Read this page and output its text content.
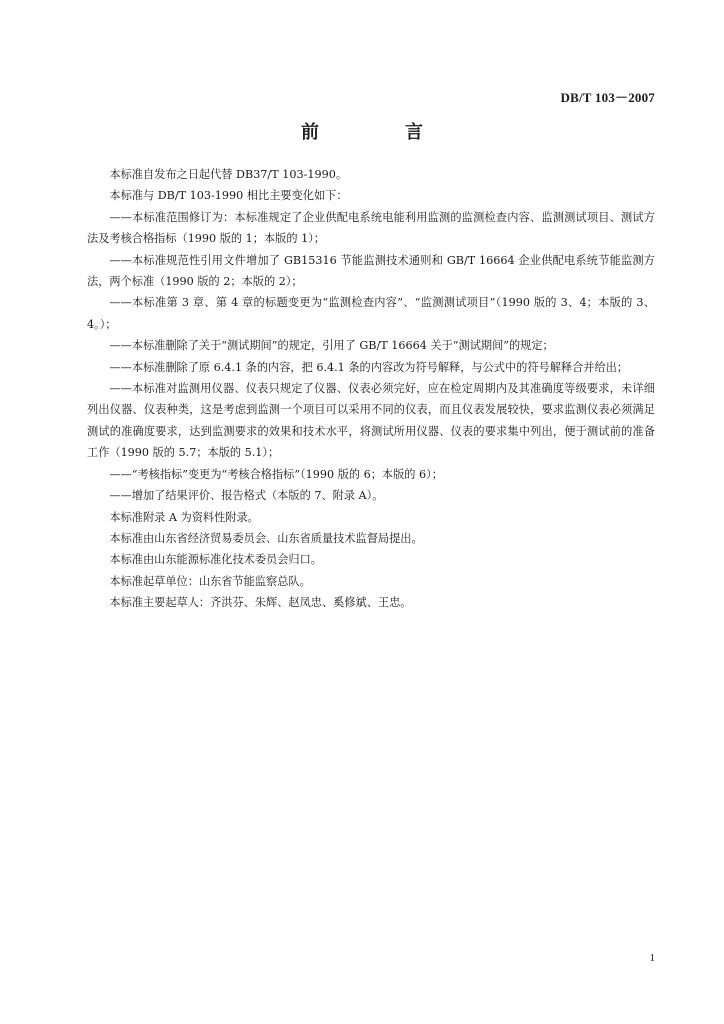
DB/T 103－2007
前　言

本标准自发布之日起代替 DB37/T 103-1990。

本标准与 DB/T 103-1990 相比主要变化如下：

——本标准范围修订为：本标准规定了企业供配电系统电能利用监测的监测检查内容、监测测试项目、测试方法及考核合格指标（1990 版的 1；本版的 1）；

——本标准规范性引用文件增加了 GB15316 节能监测技术通则和 GB/T 16664 企业供配电系统节能监测方法，两个标准（1990 版的 2；本版的 2）；

——本标准第 3 章、第 4 章的标题变更为“监测检查内容”、“监测测试项目”（1990 版的 3、4；本版的 3、4。）；

——本标准删除了关于“测试期间”的规定，引用了 GB/T 16664 关于“测试期间”的规定；

——本标准删除了原 6.4.1 条的内容，把 6.4.1 条的内容改为符号解释，与公式中的符号解释合并给出；

——本标准对监测用仪器、仪表只规定了仪器、仪表必须完好，应在检定周期内及其准确度等级要求，未详细列出仪器、仪表种类，这是考虑到监测一个项目可以采用不同的仪表，而且仪表发展较快，要求监测仪表必须满足测试的准确度要求，达到监测要求的效果和技术水平，将测试所用仪器、仪表的要求集中列出，便于测试前的准备工作（1990 版的 5.7；本版的 5.1）；

——“考核指标”变更为“考核合格指标”（1990 版的 6；本版的 6）；

——增加了结果评价、报告格式（本版的 7、附录 A）。

本标准附录 A 为资料性附录。

本标准由山东省经济贸易委员会、山东省质量技术监督局提出。

本标准由山东能源标准化技术委员会归口。

本标准起草单位：山东省节能监察总队。

本标准主要起草人：齐洪芬、朱辉、赵凤忠、奚修斌、王忠。

1
